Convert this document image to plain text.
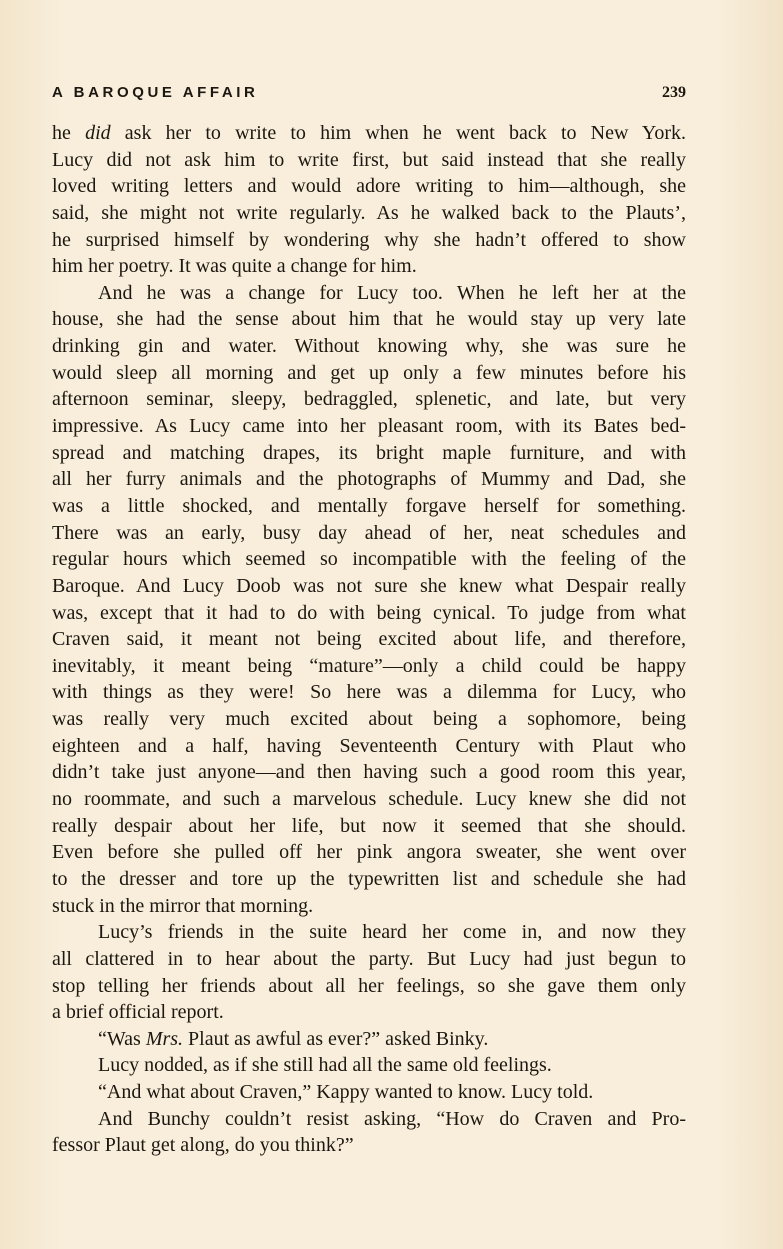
A BAROQUE AFFAIR	239
he did ask her to write to him when he went back to New York.
Lucy did not ask him to write first, but said instead that she really
loved writing letters and would adore writing to him—although, she
said, she might not write regularly. As he walked back to the Plauts’,
he surprised himself by wondering why she hadn’t offered to show
him her poetry. It was quite a change for him.
And he was a change for Lucy too. When he left her at the
house, she had the sense about him that he would stay up very late
drinking gin and water. Without knowing why, she was sure he
would sleep all morning and get up only a few minutes before his
afternoon seminar, sleepy, bedraggled, splenetic, and late, but very
impressive. As Lucy came into her pleasant room, with its Bates bed-
spread and matching drapes, its bright maple furniture, and with
all her furry animals and the photographs of Mummy and Dad, she
was a little shocked, and mentally forgave herself for something.
There was an early, busy day ahead of her, neat schedules and
regular hours which seemed so incompatible with the feeling of the
Baroque. And Lucy Doob was not sure she knew what Despair really
was, except that it had to do with being cynical. To judge from what
Craven said, it meant not being excited about life, and therefore,
inevitably, it meant being “mature”—only a child could be happy
with things as they were! So here was a dilemma for Lucy, who
was really very much excited about being a sophomore, being
eighteen and a half, having Seventeenth Century with Plaut who
didn’t take just anyone—and then having such a good room this year,
no roommate, and such a marvelous schedule. Lucy knew she did not
really despair about her life, but now it seemed that she should.
Even before she pulled off her pink angora sweater, she went over
to the dresser and tore up the typewritten list and schedule she had
stuck in the mirror that morning.
Lucy’s friends in the suite heard her come in, and now they
all clattered in to hear about the party. But Lucy had just begun to
stop telling her friends about all her feelings, so she gave them only
a brief official report.
“Was Mrs. Plaut as awful as ever?” asked Binky.
Lucy nodded, as if she still had all the same old feelings.
“And what about Craven,” Kappy wanted to know. Lucy told.
And Bunchy couldn’t resist asking, “How do Craven and Pro-
fessor Plaut get along, do you think?”
